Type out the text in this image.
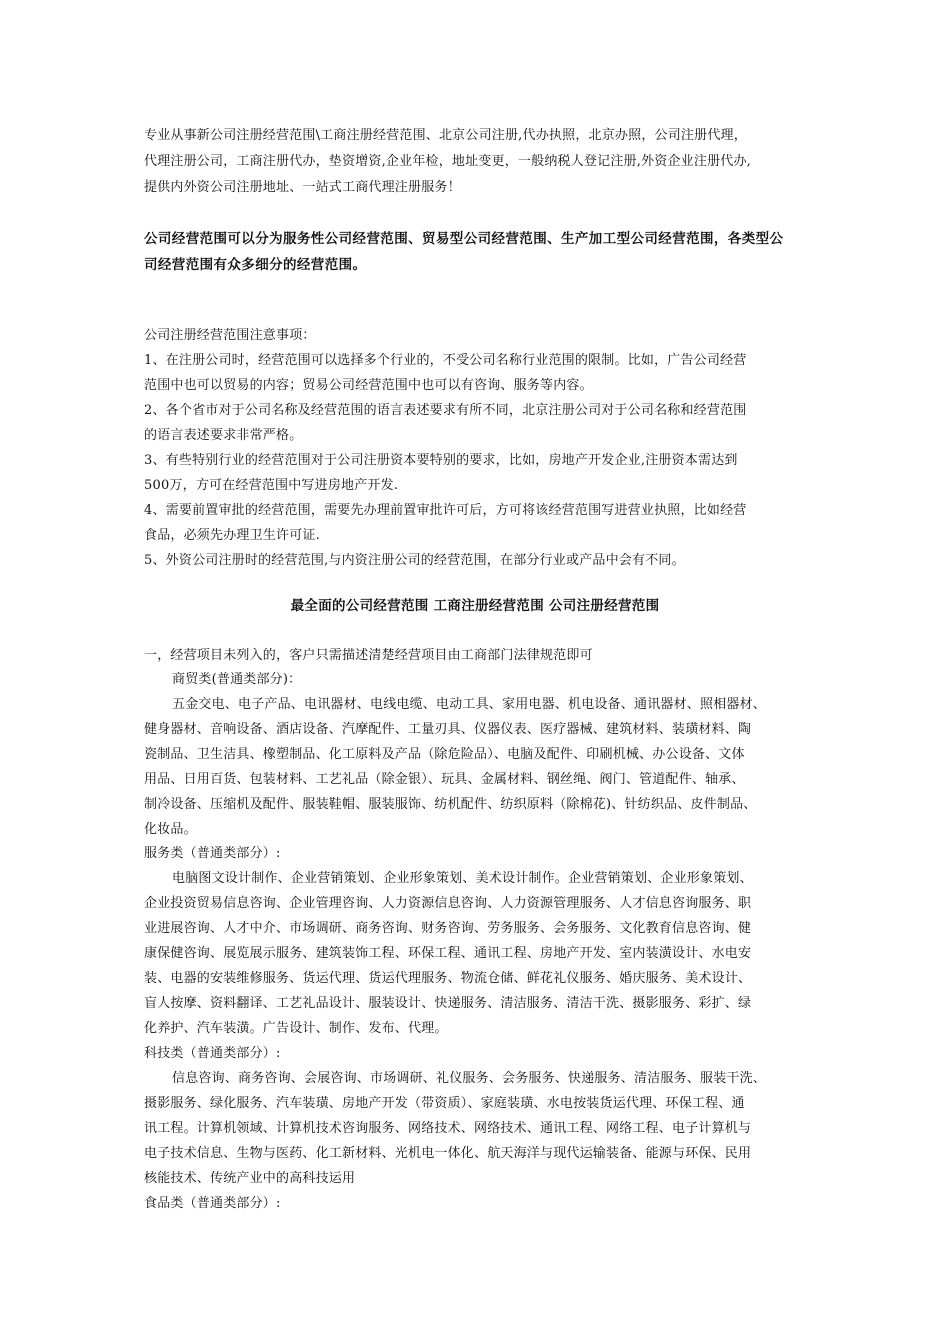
专业从事新公司注册经营范围\工商注册经营范围、北京公司注册,代办执照，北京办照，公司注册代理，
代理注册公司，工商注册代办，垫资增资,企业年检，地址变更，一般纳税人登记注册,外资企业注册代办,
提供内外资公司注册地址、一站式工商代理注册服务！
公司经营范围可以分为服务性公司经营范围、贸易型公司经营范围、生产加工型公司经营范围，各类型公
司经营范围有众多细分的经营范围。
公司注册经营范围注意事项：
1、在注册公司时，经营范围可以选择多个行业的，不受公司名称行业范围的限制。比如，广告公司经营
范围中也可以贸易的内容；贸易公司经营范围中也可以有咨询、服务等内容。
2、各个省市对于公司名称及经营范围的语言表述要求有所不同，北京注册公司对于公司名称和经营范围
的语言表述要求非常严格。
3、有些特别行业的经营范围对于公司注册资本要特别的要求，比如，房地产开发企业,注册资本需达到
500万，方可在经营范围中写进房地产开发.
4、需要前置审批的经营范围，需要先办理前置审批许可后，方可将该经营范围写进营业执照，比如经营
食品，必须先办理卫生许可证.
5、外资公司注册时的经营范围,与内资注册公司的经营范围，在部分行业或产品中会有不同。
最全面的公司经营范围 工商注册经营范围 公司注册经营范围
一，经营项目未列入的，客户只需描述清楚经营项目由工商部门法律规范即可
商贸类(普通类部分)：
五金交电、电子产品、电讯器材、电线电缆、电动工具、家用电器、机电设备、通讯器材、照相器材、
健身器材、音响设备、酒店设备、汽摩配件、工量刃具、仪器仪表、医疗器械、建筑材料、装璜材料、陶
瓷制品、卫生洁具、橡塑制品、化工原料及产品（除危险品）、电脑及配件、印刷机械、办公设备、文体
用品、日用百货、包装材料、工艺礼品（除金银）、玩具、金属材料、钢丝绳、阀门、管道配件、轴承、
制冷设备、压缩机及配件、服装鞋帽、服装服饰、纺机配件、纺织原料（除棉花)、针纺织品、皮件制品、
化妆品。
服务类（普通类部分）:
电脑图文设计制作、企业营销策划、企业形象策划、美术设计制作。企业营销策划、企业形象策划、
企业投资贸易信息咨询、企业管理咨询、人力资源信息咨询、人力资源管理服务、人才信息咨询服务、职
业进展咨询、人才中介、市场调研、商务咨询、财务咨询、劳务服务、会务服务、文化教育信息咨询、健
康保健咨询、展览展示服务、建筑装饰工程、环保工程、通讯工程、房地产开发、室内装潢设计、水电安
装、电器的安装维修服务、货运代理、货运代理服务、物流仓储、鲜花礼仪服务、婚庆服务、美术设计、
盲人按摩、资料翻译、工艺礼品设计、服装设计、快递服务、清洁服务、清洁干洗、摄影服务、彩扩、绿
化养护、汽车装潢。广告设计、制作、发布、代理。
科技类（普通类部分）:
信息咨询、商务咨询、会展咨询、市场调研、礼仪服务、会务服务、快递服务、清洁服务、服装干洗、
摄影服务、绿化服务、汽车装璜、房地产开发（带资质）、家庭装璜、水电按装货运代理、环保工程、通
讯工程。计算机领域、计算机技术咨询服务、网络技术、网络技术、通讯工程、网络工程、电子计算机与
电子技术信息、生物与医药、化工新材料、光机电一体化、航天海洋与现代运输装备、能源与环保、民用
核能技术、传统产业中的高科技运用
食品类（普通类部分）:
